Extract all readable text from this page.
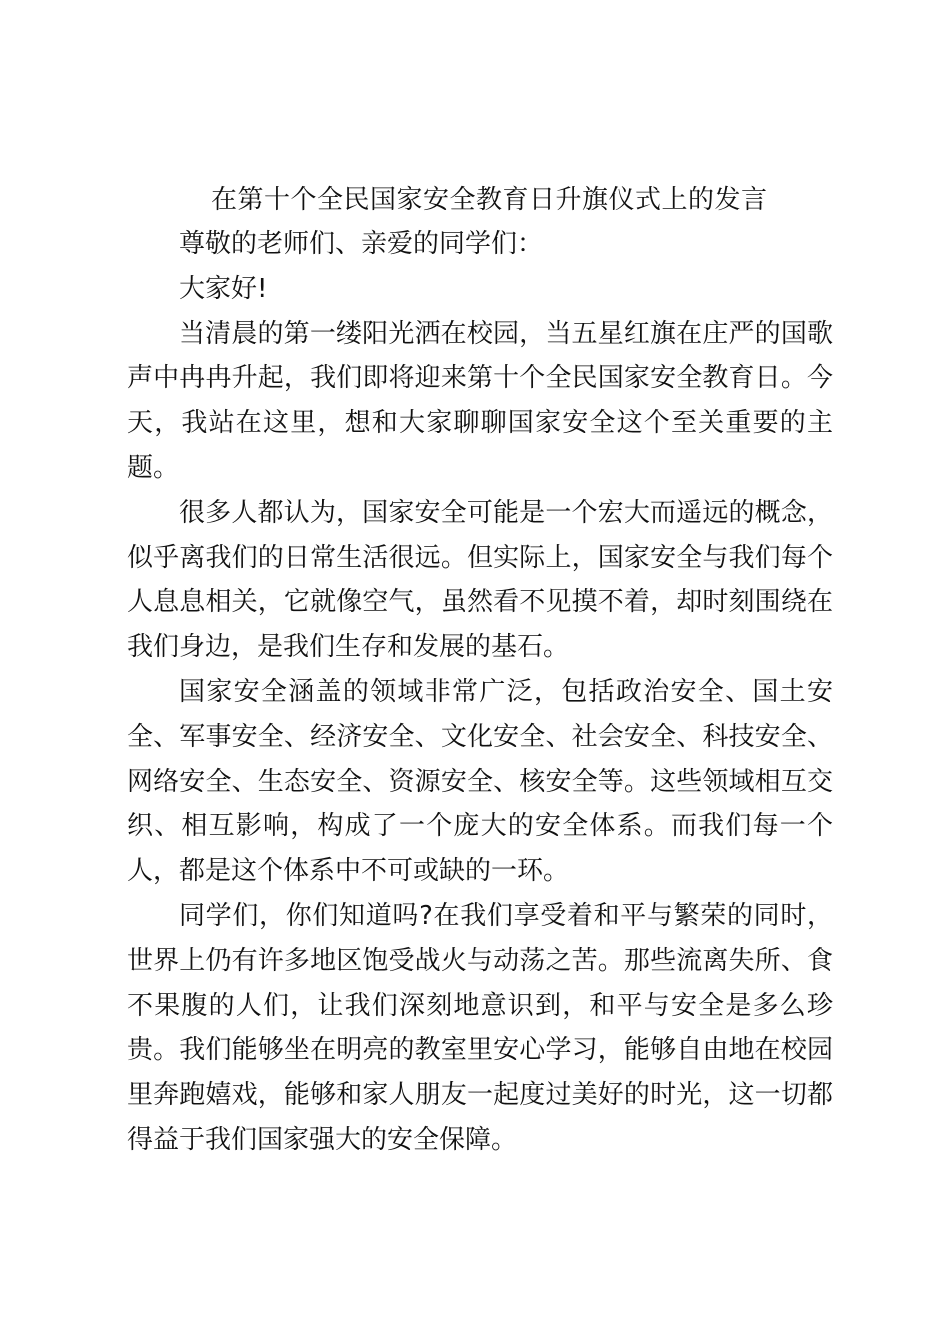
在第十个全民国家安全教育日升旗仪式上的发言

尊敬的老师们、亲爱的同学们：

大家好!

当清晨的第一缕阳光洒在校园，当五星红旗在庄严的国歌声中冉冉升起，我们即将迎来第十个全民国家安全教育日。今天，我站在这里，想和大家聊聊国家安全这个至关重要的主题。

很多人都认为，国家安全可能是一个宏大而遥远的概念，似乎离我们的日常生活很远。但实际上，国家安全与我们每个人息息相关，它就像空气，虽然看不见摸不着，却时刻围绕在我们身边，是我们生存和发展的基石。

国家安全涵盖的领域非常广泛，包括政治安全、国土安全、军事安全、经济安全、文化安全、社会安全、科技安全、网络安全、生态安全、资源安全、核安全等。这些领域相互交织、相互影响，构成了一个庞大的安全体系。而我们每一个人，都是这个体系中不可或缺的一环。

同学们，你们知道吗?在我们享受着和平与繁荣的同时，世界上仍有许多地区饱受战火与动荡之苦。那些流离失所、食不果腹的人们，让我们深刻地意识到，和平与安全是多么珍贵。我们能够坐在明亮的教室里安心学习，能够自由地在校园里奔跑嬉戏，能够和家人朋友一起度过美好的时光，这一切都得益于我们国家强大的安全保障。
